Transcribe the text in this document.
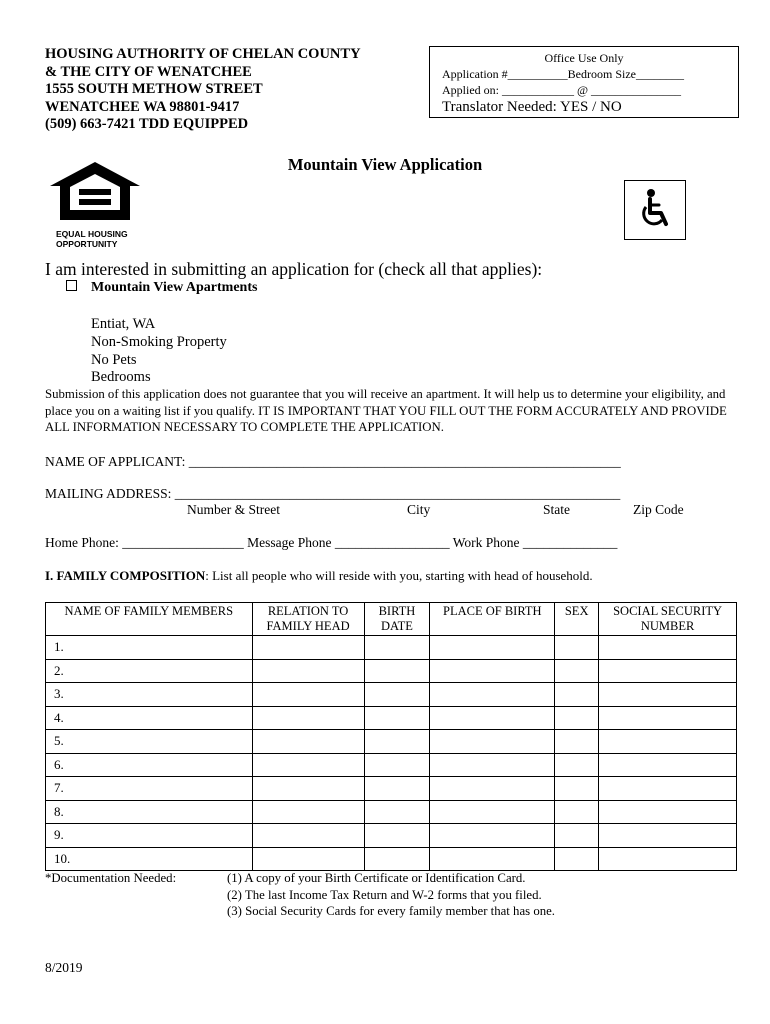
HOUSING AUTHORITY OF CHELAN COUNTY
& THE CITY OF WENATCHEE
1555 SOUTH METHOW STREET
WENATCHEE WA 98801-9417
(509) 663-7421 TDD EQUIPPED
Office Use Only
Application #__________Bedroom Size________
Applied on: ____________ @ _______________
Translator Needed: YES / NO
Mountain View Application
EQUAL HOUSING
OPPORTUNITY
I am interested in submitting an application for (check all that applies):
Mountain View Apartments
Entiat, WA
Non-Smoking Property
No Pets
Bedrooms
Submission of this application does not guarantee that you will receive an apartment. It will help us to determine your eligibility, and place you on a waiting list if you qualify. IT IS IMPORTANT THAT YOU FILL OUT THE FORM ACCURATELY AND PROVIDE ALL INFORMATION NECESSARY TO COMPLETE THE APPLICATION.
NAME OF APPLICANT: ________________________________________________________________
MAILING ADDRESS: __________________________________________________________________
Number & Street	City	State	Zip Code
Home Phone: __________________ Message Phone _________________ Work Phone ______________
I. FAMILY COMPOSITION: List all people who will reside with you, starting with head of household.
NAME OF FAMILY MEMBERS	RELATION TO FAMILY HEAD	BIRTH DATE	PLACE OF BIRTH	SEX	SOCIAL SECURITY NUMBER
1.					
2.					
3.					
4.					
5.					
6.					
7.					
8.					
9.					
10.					
*Documentation Needed:	(1) A copy of your Birth Certificate or Identification Card.
(2) The last Income Tax Return and W-2 forms that you filed.
(3) Social Security Cards for every family member that has one.
8/2019
